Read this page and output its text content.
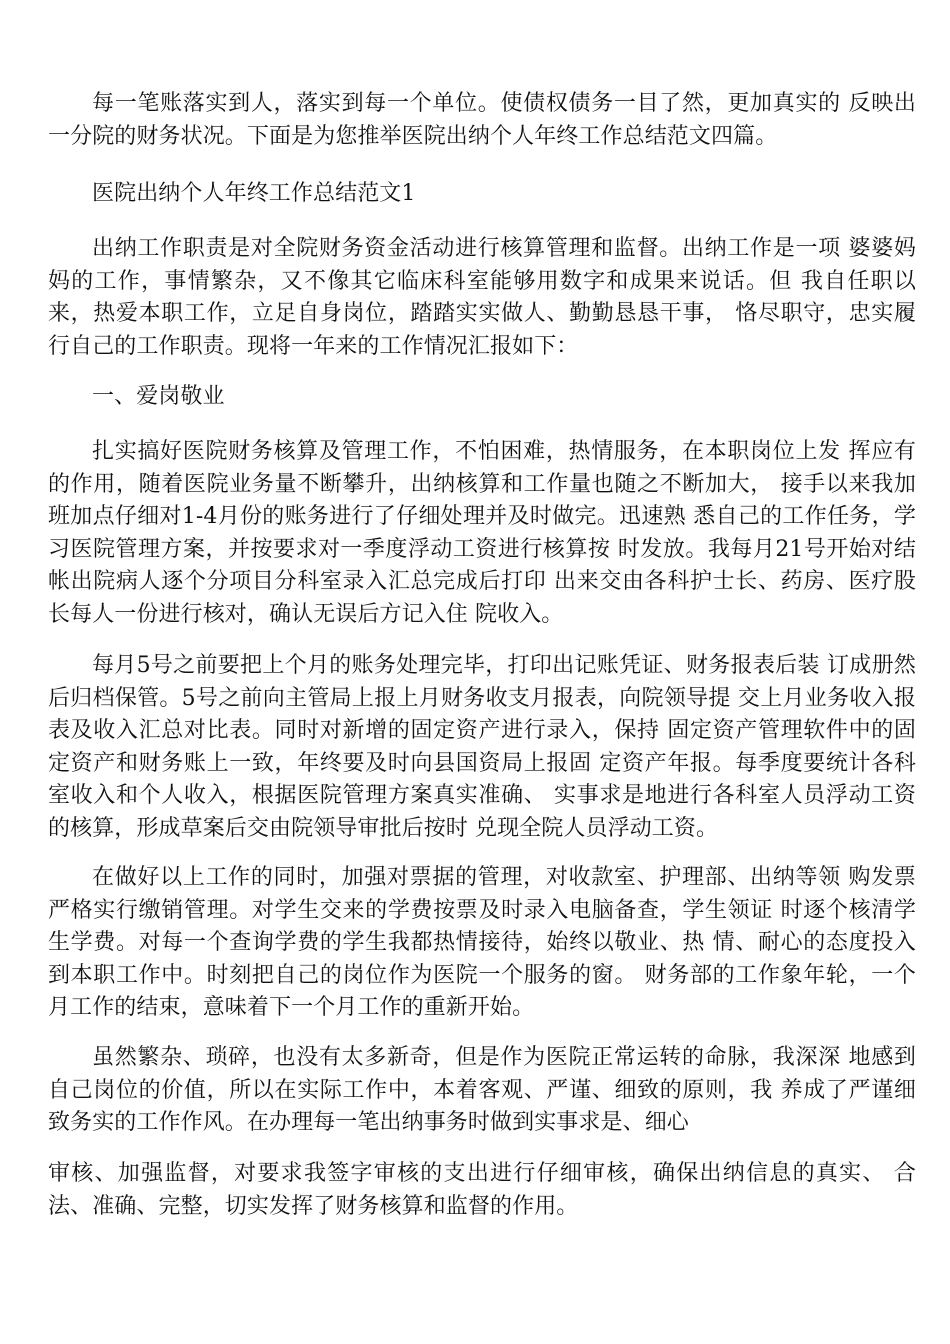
每一笔账落实到人，落实到每一个单位。使债权债务一目了然，更加真实的 反映出一分院的财务状况。下面是为您推举医院出纳个人年终工作总结范文四篇。

医院出纳个人年终工作总结范文1

出纳工作职责是对全院财务资金活动进行核算管理和监督。出纳工作是一项 婆婆妈妈的工作，事情繁杂，又不像其它临床科室能够用数字和成果来说话。但 我自任职以来，热爱本职工作，立足自身岗位，踏踏实实做人、勤勤恳恳干事， 恪尽职守，忠实履行自己的工作职责。现将一年来的工作情况汇报如下：

一、爱岗敬业

扎实搞好医院财务核算及管理工作，不怕困难，热情服务，在本职岗位上发 挥应有的作用，随着医院业务量不断攀升，出纳核算和工作量也随之不断加大， 接手以来我加班加点仔细对1-4月份的账务进行了仔细处理并及时做完。迅速熟 悉自己的工作任务，学习医院管理方案，并按要求对一季度浮动工资进行核算按 时发放。我每月21号开始对结帐出院病人逐个分项目分科室录入汇总完成后打印 出来交由各科护士长、药房、医疗股长每人一份进行核对，确认无误后方记入住 院收入。

每月5号之前要把上个月的账务处理完毕，打印出记账凭证、财务报表后装 订成册然后归档保管。5号之前向主管局上报上月财务收支月报表，向院领导提 交上月业务收入报表及收入汇总对比表。同时对新增的固定资产进行录入，保持 固定资产管理软件中的固定资产和财务账上一致，年终要及时向县国资局上报固 定资产年报。每季度要统计各科室收入和个人收入，根据医院管理方案真实准确、 实事求是地进行各科室人员浮动工资的核算，形成草案后交由院领导审批后按时 兑现全院人员浮动工资。

在做好以上工作的同时，加强对票据的管理，对收款室、护理部、出纳等领 购发票严格实行缴销管理。对学生交来的学费按票及时录入电脑备查，学生领证 时逐个核清学生学费。对每一个查询学费的学生我都热情接待，始终以敬业、热 情、耐心的态度投入到本职工作中。时刻把自己的岗位作为医院一个服务的窗。 财务部的工作象年轮，一个月工作的结束，意味着下一个月工作的重新开始。

虽然繁杂、琐碎，也没有太多新奇，但是作为医院正常运转的命脉，我深深 地感到自己岗位的价值，所以在实际工作中，本着客观、严谨、细致的原则，我 养成了严谨细致务实的工作作风。在办理每一笔出纳事务时做到实事求是、细心

审核、加强监督，对要求我签字审核的支出进行仔细审核，确保出纳信息的真实、 合法、准确、完整，切实发挥了财务核算和监督的作用。
